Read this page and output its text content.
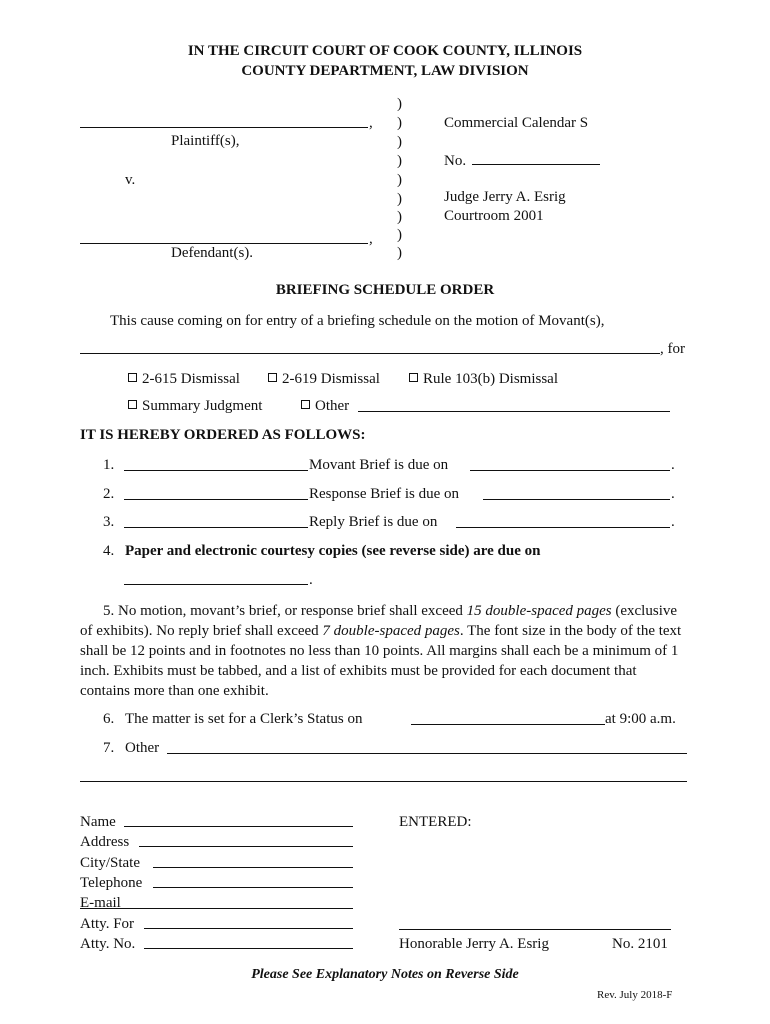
IN THE CIRCUIT COURT OF COOK COUNTY, ILLINOIS
COUNTY DEPARTMENT, LAW DIVISION
)
)
)
)
)
)
)
)
)
,
Plaintiff(s),
v.
,
Defendant(s).
Commercial Calendar S
No.
Judge Jerry A. Esrig
Courtroom 2001
BRIEFING SCHEDULE ORDER
This cause coming on for entry of a briefing schedule on the motion of Movant(s),
, for
2-615 Dismissal	2-619 Dismissal	Rule 103(b) Dismissal
Summary Judgment	Other
IT IS HEREBY ORDERED AS FOLLOWS:
1.	Movant Brief is due on	.
2.	Response Brief is due on	.
3.	Reply Brief is due on	.
4. Paper and electronic courtesy copies (see reverse side) are due on
.
5. No motion, movant’s brief, or response brief shall exceed 15 double-spaced pages (exclusive of exhibits). No reply brief shall exceed 7 double-spaced pages. The font size in the body of the text shall be 12 points and in footnotes no less than 10 points. All margins shall each be a minimum of 1 inch. Exhibits must be tabbed, and a list of exhibits must be provided for each document that contains more than one exhibit.
6. The matter is set for a Clerk’s Status on	at 9:00 a.m.
7. Other
Name
Address
City/State
Telephone
E-mail
Atty. For
Atty. No.
ENTERED:
Honorable Jerry A. Esrig	No. 2101
Please See Explanatory Notes on Reverse Side
Rev. July 2018-F
